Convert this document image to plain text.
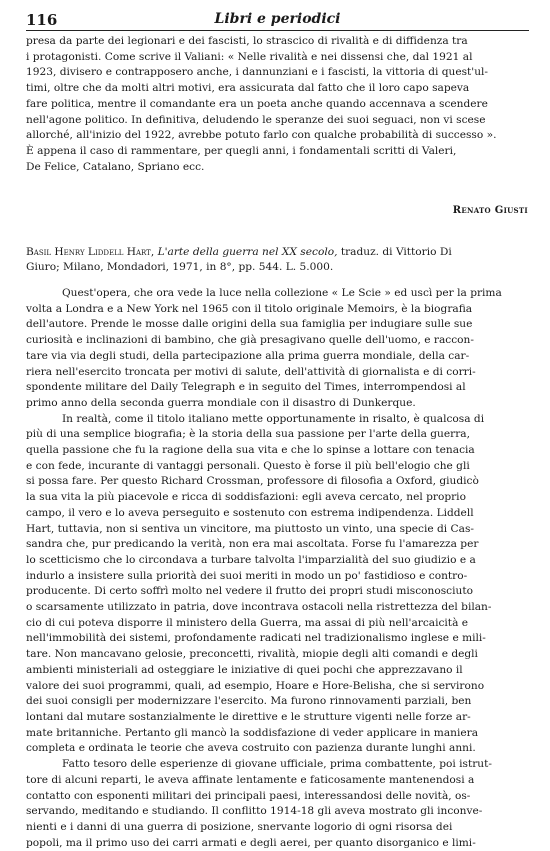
116	Libri e periodici

presa da parte dei legionari e dei fascisti, lo strascico di rivalità e di diffidenza tra

i protagonisti. Come scrive il Valiani: « Nelle rivalità e nei dissensi che, dal 1921 al

1923, divisero e contrapposero anche, i dannunziani e i fascisti, la vittoria di quest'ul-

timi, oltre che da molti altri motivi, era assicurata dal fatto che il loro capo sapeva

fare politica, mentre il comandante era un poeta anche quando accennava a scendere

nell'agone politico. In definitiva, deludendo le speranze dei suoi seguaci, non vi scese

allorché, all'inizio del 1922, avrebbe potuto farlo con qualche probabilità di successo ».

È appena il caso di rammentare, per quegli anni, i fondamentali scritti di Valeri,

De Felice, Catalano, Spriano ecc.

Renato Giusti

Basil Henry Liddell Hart, L'arte della guerra nel XX secolo, traduz. di Vittorio Di

Giuro; Milano, Mondadori, 1971, in 8°, pp. 544. L. 5.000.

Quest'opera, che ora vede la luce nella collezione « Le Scie » ed uscì per la prima

volta a Londra e a New York nel 1965 con il titolo originale Memoirs, è la biografia

dell'autore. Prende le mosse dalle origini della sua famiglia per indugiare sulle sue

curiosità e inclinazioni di bambino, che già presagivano quelle dell'uomo, e raccon-

tare via via degli studi, della partecipazione alla prima guerra mondiale, della car-

riera nell'esercito troncata per motivi di salute, dell'attività di giornalista e di corri-

spondente militare del Daily Telegraph e in seguito del Times, interrompendosi al

primo anno della seconda guerra mondiale con il disastro di Dunkerque.

In realtà, come il titolo italiano mette opportunamente in risalto, è qualcosa di

più di una semplice biografia; è la storia della sua passione per l'arte della guerra,

quella passione che fu la ragione della sua vita e che lo spinse a lottare con tenacia

e con fede, incurante di vantaggi personali. Questo è forse il più bell'elogio che gli

si possa fare. Per questo Richard Crossman, professore di filosofia a Oxford, giudicò

la sua vita la più piacevole e ricca di soddisfazioni: egli aveva cercato, nel proprio

campo, il vero e lo aveva perseguito e sostenuto con estrema indipendenza. Liddell

Hart, tuttavia, non si sentiva un vincitore, ma piuttosto un vinto, una specie di Cas-

sandra che, pur predicando la verità, non era mai ascoltata. Forse fu l'amarezza per

lo scetticismo che lo circondava a turbare talvolta l'imparzialità del suo giudizio e a

indurlo a insistere sulla priorità dei suoi meriti in modo un po' fastidioso e contro-

producente. Di certo soffrì molto nel vedere il frutto dei propri studi misconosciuto

o scarsamente utilizzato in patria, dove incontrava ostacoli nella ristrettezza del bilan-

cio di cui poteva disporre il ministero della Guerra, ma assai di più nell'arcaicità e

nell'immobilità dei sistemi, profondamente radicati nel tradizionalismo inglese e mili-

tare. Non mancavano gelosie, preconcetti, rivalità, miopie degli alti comandi e degli

ambienti ministeriali ad osteggiare le iniziative di quei pochi che apprezzavano il

valore dei suoi programmi, quali, ad esempio, Hoare e Hore-Belisha, che si servirono

dei suoi consigli per modernizzare l'esercito. Ma furono rinnovamenti parziali, ben

lontani dal mutare sostanzialmente le direttive e le strutture vigenti nelle forze ar-

mate britanniche. Pertanto gli mancò la soddisfazione di veder applicare in maniera

completa e ordinata le teorie che aveva costruito con pazienza durante lunghi anni.

Fatto tesoro delle esperienze di giovane ufficiale, prima combattente, poi istrut-

tore di alcuni reparti, le aveva affinate lentamente e faticosamente mantenendosi a

contatto con esponenti militari dei principali paesi, interessandosi delle novità, os-

servando, meditando e studiando. Il conflitto 1914-18 gli aveva mostrato gli inconve-

nienti e i danni di una guerra di posizione, snervante logorio di ogni risorsa dei

popoli, ma il primo uso dei carri armati e degli aerei, per quanto disorganico e limi-
